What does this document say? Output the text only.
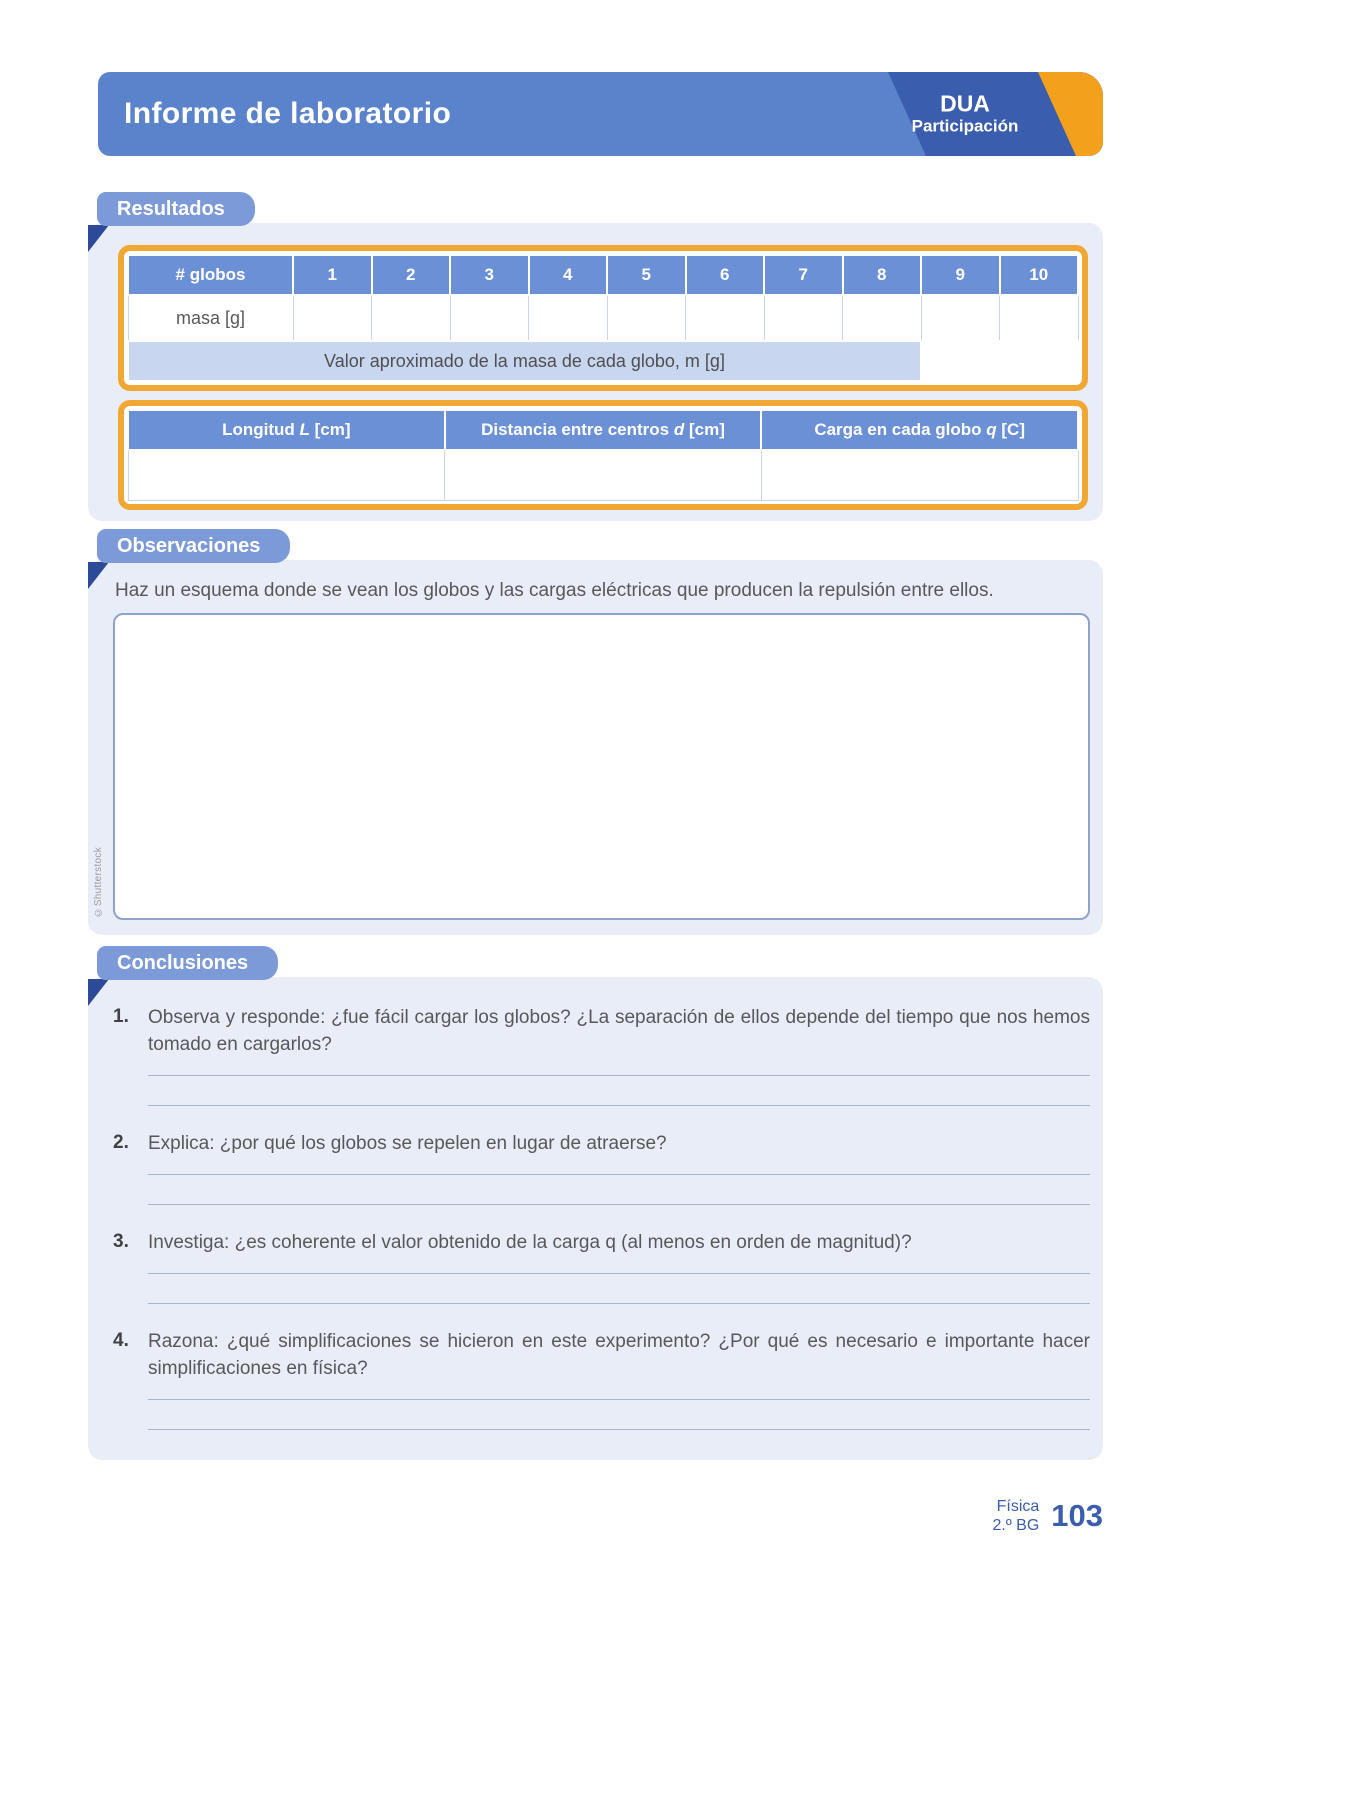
Informe de laboratorio	DUA
Participación
Resultados
# globos	1	2	3	4	5	6	7	8	9	10
masa [g]										
Valor aproximado de la masa de cada globo, m [g]										
Longitud L [cm]	Distancia entre centros d [cm]	Carga en cada globo q [C]

Observaciones

Haz un esquema donde se vean los globos y las cargas eléctricas que producen la repulsión entre ellos.

©Shutterstock
Conclusiones
1.	Observa y responde: ¿fue fácil cargar los globos? ¿La separación de ellos depende del tiempo que nos hemos tomado en cargarlos?

2.	Explica: ¿por qué los globos se repelen en lugar de atraerse?

3.	Investiga: ¿es coherente el valor obtenido de la carga q (al menos en orden de magnitud)?

4.	Razona: ¿qué simplificaciones se hicieron en este experimento? ¿Por qué es necesario e importante hacer simplificaciones en física?

Física
2.º BG 103
